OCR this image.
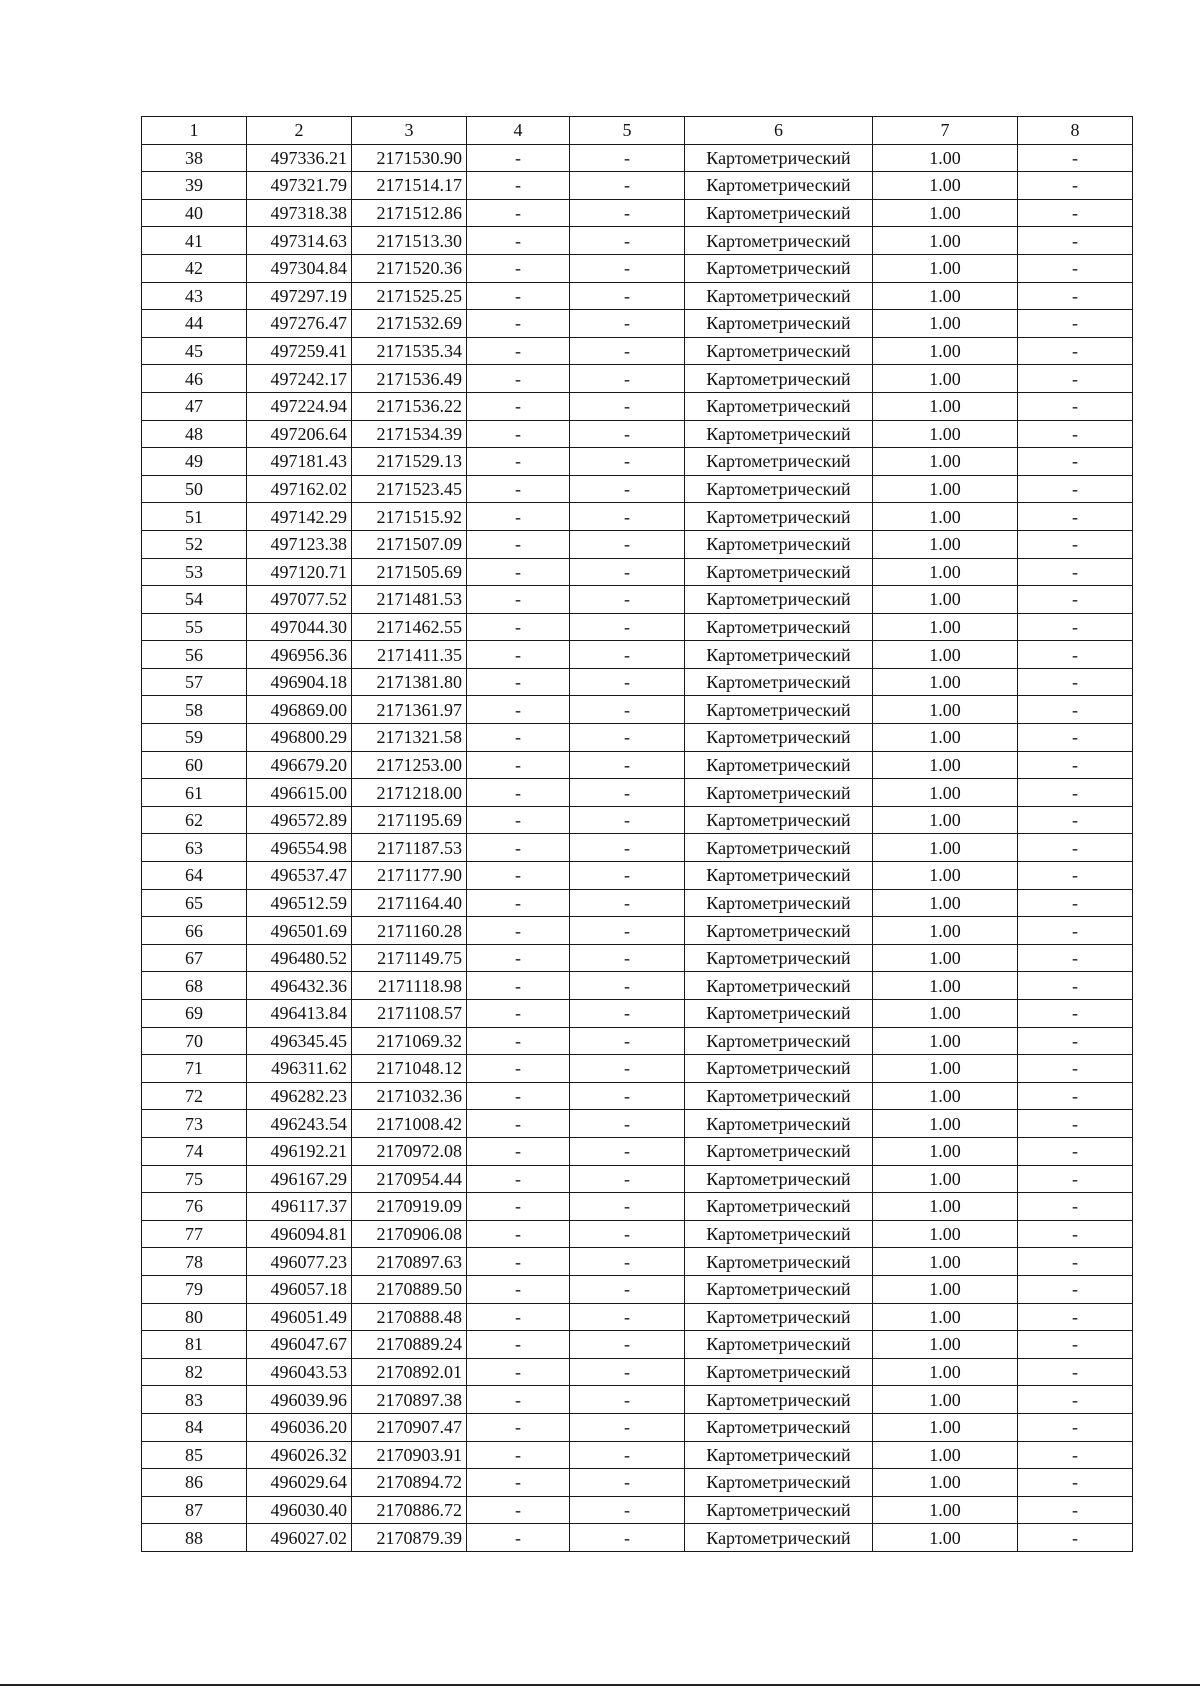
1	2	3	4	5	6	7	8
38	497336.21	2171530.90	-	-	Картометрический	1.00	-
39	497321.79	2171514.17	-	-	Картометрический	1.00	-
40	497318.38	2171512.86	-	-	Картометрический	1.00	-
41	497314.63	2171513.30	-	-	Картометрический	1.00	-
42	497304.84	2171520.36	-	-	Картометрический	1.00	-
43	497297.19	2171525.25	-	-	Картометрический	1.00	-
44	497276.47	2171532.69	-	-	Картометрический	1.00	-
45	497259.41	2171535.34	-	-	Картометрический	1.00	-
46	497242.17	2171536.49	-	-	Картометрический	1.00	-
47	497224.94	2171536.22	-	-	Картометрический	1.00	-
48	497206.64	2171534.39	-	-	Картометрический	1.00	-
49	497181.43	2171529.13	-	-	Картометрический	1.00	-
50	497162.02	2171523.45	-	-	Картометрический	1.00	-
51	497142.29	2171515.92	-	-	Картометрический	1.00	-
52	497123.38	2171507.09	-	-	Картометрический	1.00	-
53	497120.71	2171505.69	-	-	Картометрический	1.00	-
54	497077.52	2171481.53	-	-	Картометрический	1.00	-
55	497044.30	2171462.55	-	-	Картометрический	1.00	-
56	496956.36	2171411.35	-	-	Картометрический	1.00	-
57	496904.18	2171381.80	-	-	Картометрический	1.00	-
58	496869.00	2171361.97	-	-	Картометрический	1.00	-
59	496800.29	2171321.58	-	-	Картометрический	1.00	-
60	496679.20	2171253.00	-	-	Картометрический	1.00	-
61	496615.00	2171218.00	-	-	Картометрический	1.00	-
62	496572.89	2171195.69	-	-	Картометрический	1.00	-
63	496554.98	2171187.53	-	-	Картометрический	1.00	-
64	496537.47	2171177.90	-	-	Картометрический	1.00	-
65	496512.59	2171164.40	-	-	Картометрический	1.00	-
66	496501.69	2171160.28	-	-	Картометрический	1.00	-
67	496480.52	2171149.75	-	-	Картометрический	1.00	-
68	496432.36	2171118.98	-	-	Картометрический	1.00	-
69	496413.84	2171108.57	-	-	Картометрический	1.00	-
70	496345.45	2171069.32	-	-	Картометрический	1.00	-
71	496311.62	2171048.12	-	-	Картометрический	1.00	-
72	496282.23	2171032.36	-	-	Картометрический	1.00	-
73	496243.54	2171008.42	-	-	Картометрический	1.00	-
74	496192.21	2170972.08	-	-	Картометрический	1.00	-
75	496167.29	2170954.44	-	-	Картометрический	1.00	-
76	496117.37	2170919.09	-	-	Картометрический	1.00	-
77	496094.81	2170906.08	-	-	Картометрический	1.00	-
78	496077.23	2170897.63	-	-	Картометрический	1.00	-
79	496057.18	2170889.50	-	-	Картометрический	1.00	-
80	496051.49	2170888.48	-	-	Картометрический	1.00	-
81	496047.67	2170889.24	-	-	Картометрический	1.00	-
82	496043.53	2170892.01	-	-	Картометрический	1.00	-
83	496039.96	2170897.38	-	-	Картометрический	1.00	-
84	496036.20	2170907.47	-	-	Картометрический	1.00	-
85	496026.32	2170903.91	-	-	Картометрический	1.00	-
86	496029.64	2170894.72	-	-	Картометрический	1.00	-
87	496030.40	2170886.72	-	-	Картометрический	1.00	-
88	496027.02	2170879.39	-	-	Картометрический	1.00	-
